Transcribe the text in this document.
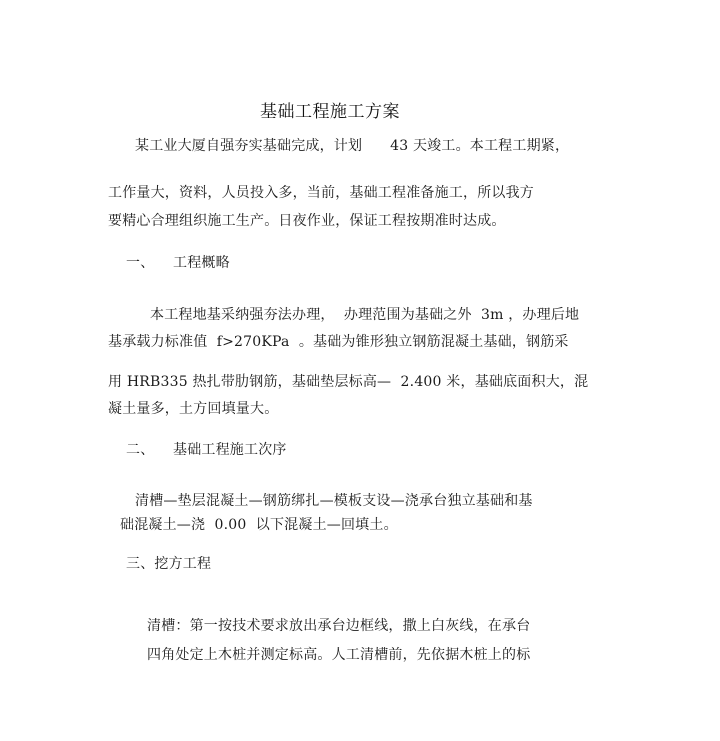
基础工程施工方案
某工业大厦自强夯实基础完成，计划      43 天竣工。本工程工期紧，
工作量大，资料，人员投入多，当前，基础工程准备施工，所以我方
要精心合理组织施工生产。日夜作业，保证工程按期准时达成。
一、    工程概略
本工程地基采纳强夯法办理，  办理范围为基础之外  3m ，办理后地
基承载力标准值  f>270KPa  。基础为锥形独立钢筋混凝土基础，钢筋采
用 HRB335 热扎带肋钢筋，基础垫层标高—  2.400 米，基础底面积大，混
凝土量多，土方回填量大。
二、    基础工程施工次序
清槽—垫层混凝土—钢筋绑扎—模板支设—浇承台独立基础和基
础混凝土—浇  0.00  以下混凝土—回填土。
三、挖方工程
清槽：第一按技术要求放出承台边框线，撒上白灰线，在承台
四角处定上木桩并测定标高。人工清槽前，先依据木桩上的标
